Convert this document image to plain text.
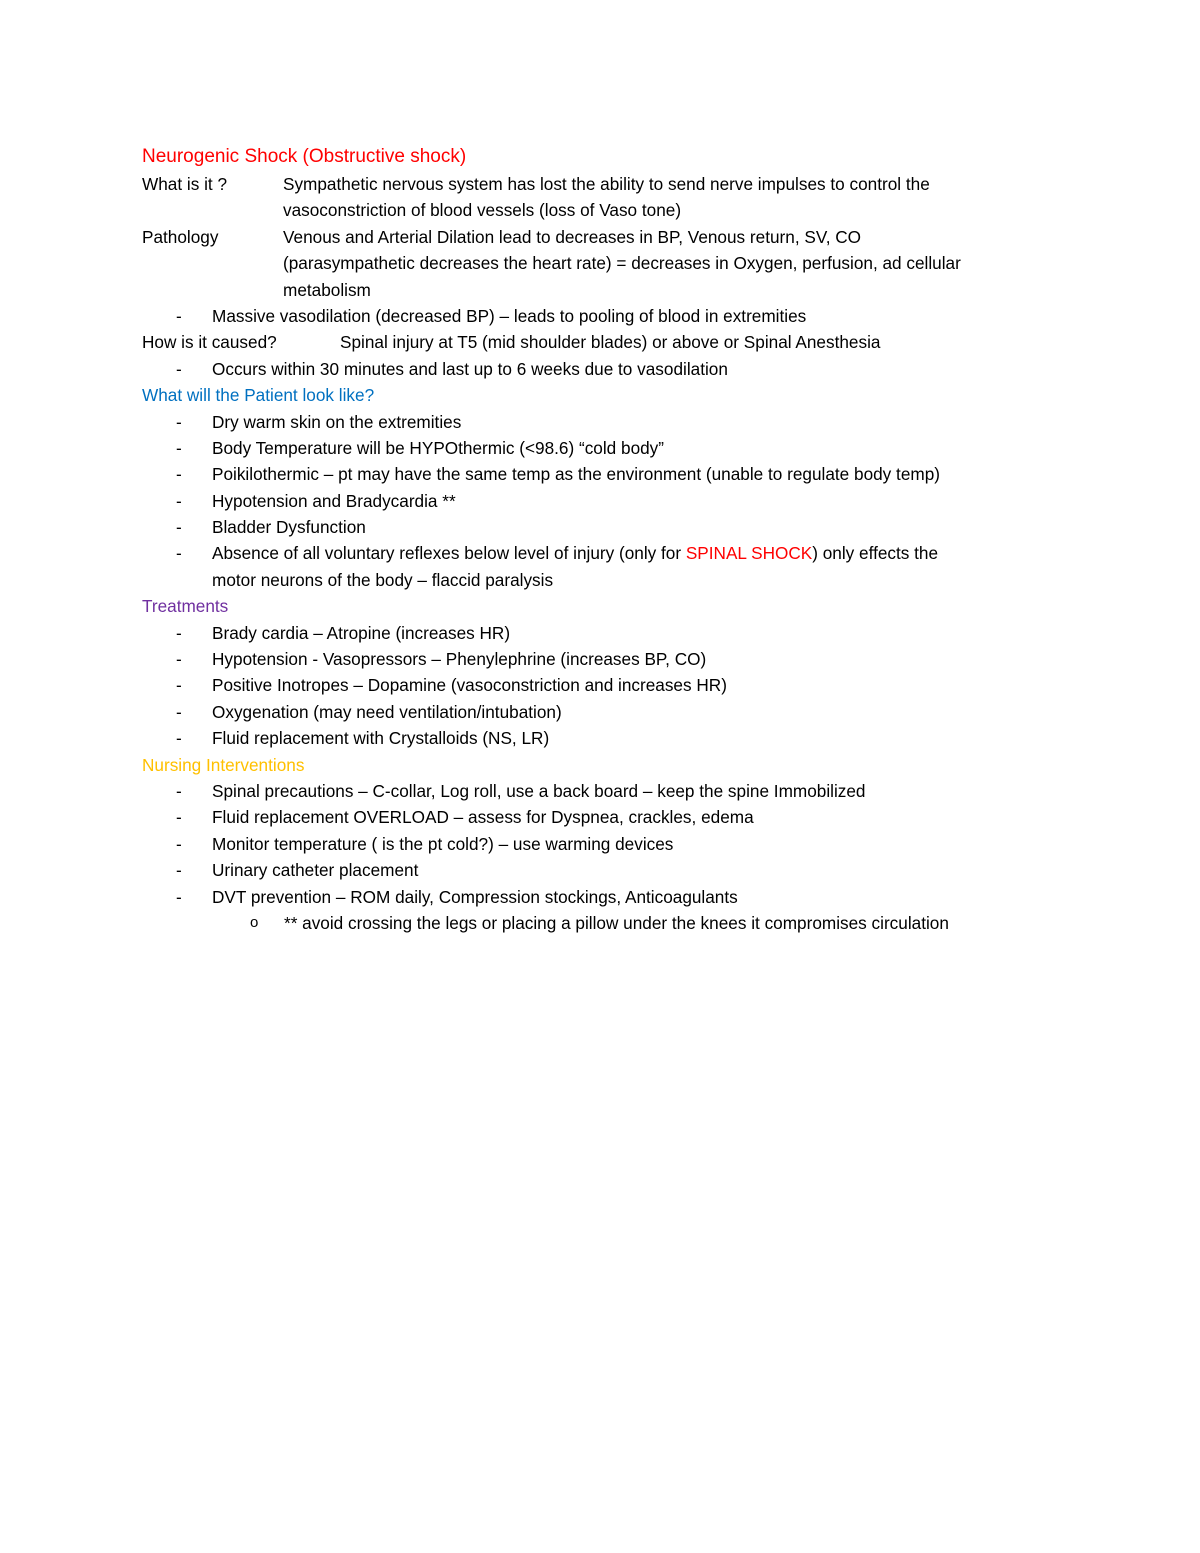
Neurogenic Shock (Obstructive shock)
What is it ?	Sympathetic nervous system has lost the ability to send nerve impulses to control the
vasoconstriction of blood vessels (loss of Vaso tone)
Pathology	Venous and Arterial Dilation lead to decreases in BP, Venous return, SV, CO
(parasympathetic decreases the heart rate) = decreases in Oxygen, perfusion, ad cellular
metabolism
- Massive vasodilation (decreased BP) – leads to pooling of blood in extremities
How is it caused?	Spinal injury at T5 (mid shoulder blades) or above or Spinal Anesthesia
- Occurs within 30 minutes and last up to 6 weeks due to vasodilation
What will the Patient look like?
- Dry warm skin on the extremities
- Body Temperature will be HYPOthermic (<98.6) “cold body”
- Poikilothermic – pt may have the same temp as the environment (unable to regulate body temp)
- Hypotension and Bradycardia **
- Bladder Dysfunction
- Absence of all voluntary reflexes below level of injury (only for SPINAL SHOCK) only effects the
motor neurons of the body – flaccid paralysis
Treatments
- Brady cardia – Atropine (increases HR)
- Hypotension - Vasopressors – Phenylephrine (increases BP, CO)
- Positive Inotropes – Dopamine (vasoconstriction and increases HR)
- Oxygenation (may need ventilation/intubation)
- Fluid replacement with Crystalloids (NS, LR)
Nursing Interventions
- Spinal precautions – C-collar, Log roll, use a back board – keep the spine Immobilized
- Fluid replacement OVERLOAD – assess for Dyspnea, crackles, edema
- Monitor temperature ( is the pt cold?) – use warming devices
- Urinary catheter placement
- DVT prevention – ROM daily, Compression stockings, Anticoagulants
o ** avoid crossing the legs or placing a pillow under the knees it compromises circulation
